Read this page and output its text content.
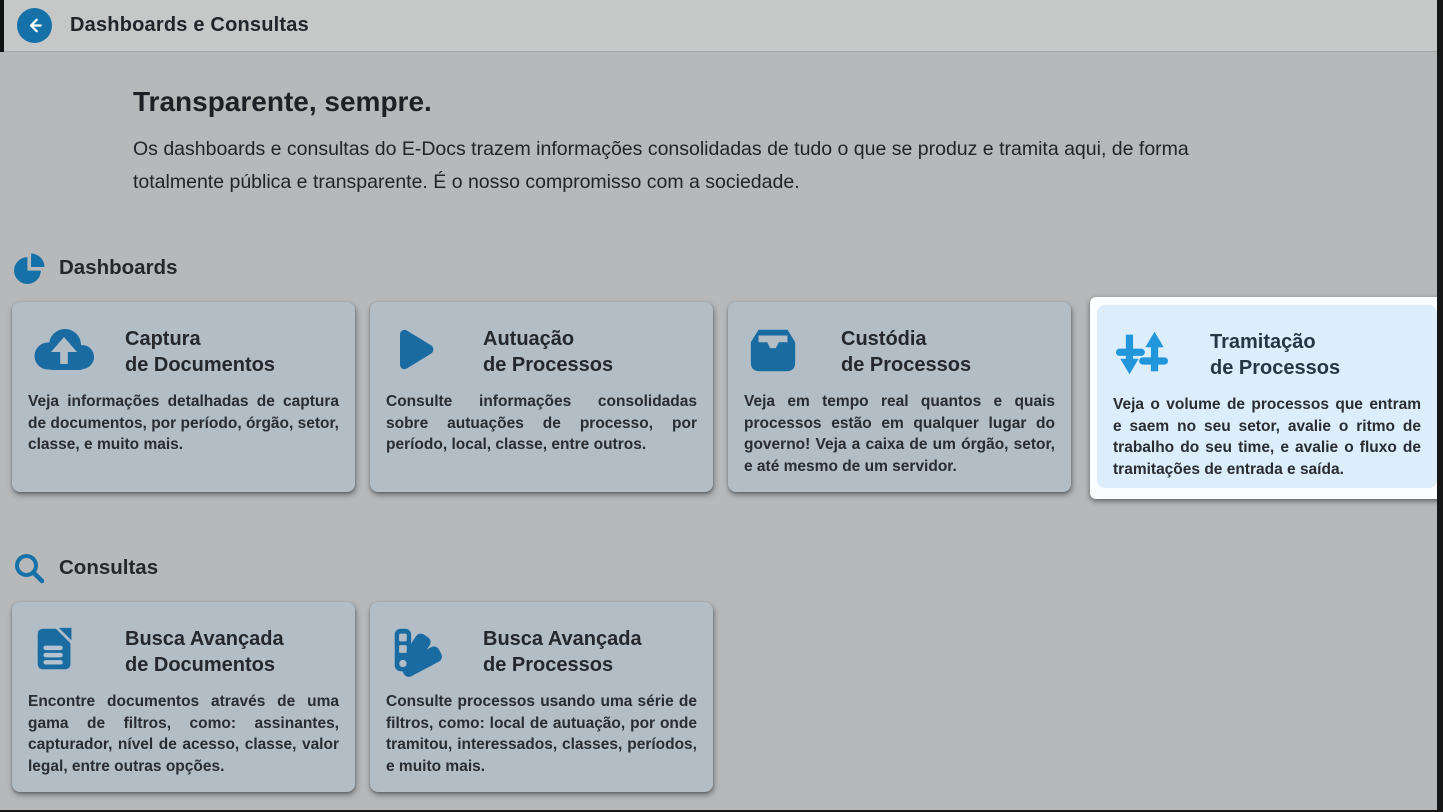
Dashboards e Consultas
Transparente, sempre.

Os dashboards e consultas do E-Docs trazem informações consolidadas de tudo o que se produz e tramita aqui, de forma totalmente pública e transparente. É o nosso compromisso com a sociedade.

Dashboards
Captura
de Documentos

Veja informações detalhadas de captura de documentos, por período, órgão, setor, classe, e muito mais.

Autuação
de Processos

Consulte informações consolidadas sobre autuações de processo, por período, local, classe, entre outros.

Custódia
de Processos

Veja em tempo real quantos e quais processos estão em qualquer lugar do governo! Veja a caixa de um órgão, setor, e até mesmo de um servidor.

Tramitação
de Processos

Veja o volume de processos que entram e saem no seu setor, avalie o ritmo de trabalho do seu time, e avalie o fluxo de tramitações de entrada e saída.

Consultas
Busca Avançada
de Documentos

Encontre documentos através de uma gama de filtros, como: assinantes, capturador, nível de acesso, classe, valor legal, entre outras opções.

Busca Avançada
de Processos

Consulte processos usando uma série de filtros, como: local de autuação, por onde tramitou, interessados, classes, períodos, e muito mais.
